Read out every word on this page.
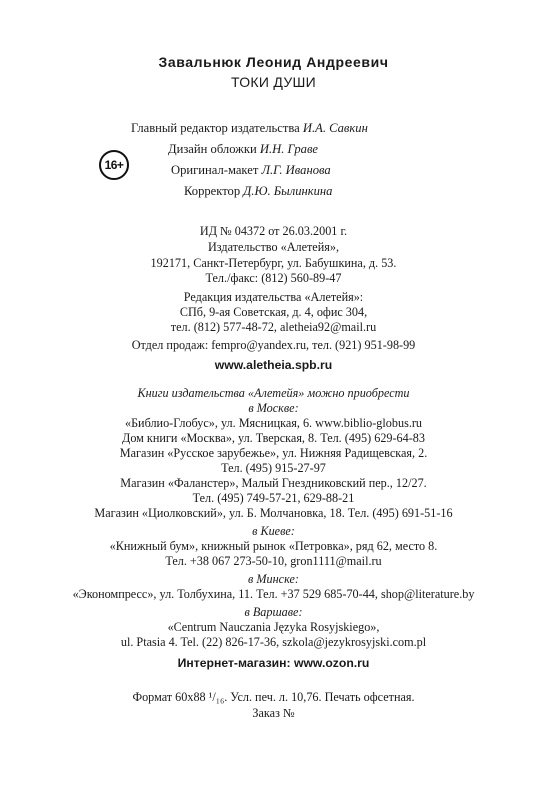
Завальнюк Леонид Андреевич
ТОКИ ДУШИ
Главный редактор издательства И.А. Савкин
Дизайн обложки И.Н. Граве
Оригинал-макет Л.Г. Иванова
Корректор Д.Ю. Былинкина
16+
ИД № 04372 от 26.03.2001 г.
Издательство «Алетейя»,
192171, Санкт-Петербург, ул. Бабушкина, д. 53.
Тел./факс: (812) 560-89-47
Редакция издательства «Алетейя»:
СПб, 9-ая Советская, д. 4, офис 304,
тел. (812) 577-48-72, aletheia92@mail.ru
Отдел продаж: fempro@yandex.ru, тел. (921) 951-98-99
www.aletheia.spb.ru
Книги издательства «Алетейя» можно приобрести
в Москве:
«Библио-Глобус», ул. Мясницкая, 6. www.biblio-globus.ru
Дом книги «Москва», ул. Тверская, 8. Тел. (495) 629-64-83
Магазин «Русское зарубежье», ул. Нижняя Радищевская, 2.
Тел. (495) 915-27-97
Магазин «Фаланстер», Малый Гнездниковский пер., 12/27.
Тел. (495) 749-57-21, 629-88-21
Магазин «Циолковский», ул. Б. Молчановка, 18. Тел. (495) 691-51-16
в Киеве:
«Книжный бум», книжный рынок «Петровка», ряд 62, место 8.
Тел. +38 067 273-50-10, gron1111@mail.ru
в Минске:
«Экономпресс», ул. Толбухина, 11. Тел. +37 529 685-70-44, shop@literature.by
в Варшаве:
«Centrum Nauczania Języka Rosyjskiego»,
ul. Ptasia 4. Tel. (22) 826-17-36, szkola@jezykrosyjski.com.pl
Интернет-магазин: www.ozon.ru
Формат 60x88 ¹/₁₆. Усл. печ. л. 10,76. Печать офсетная.
Заказ №
